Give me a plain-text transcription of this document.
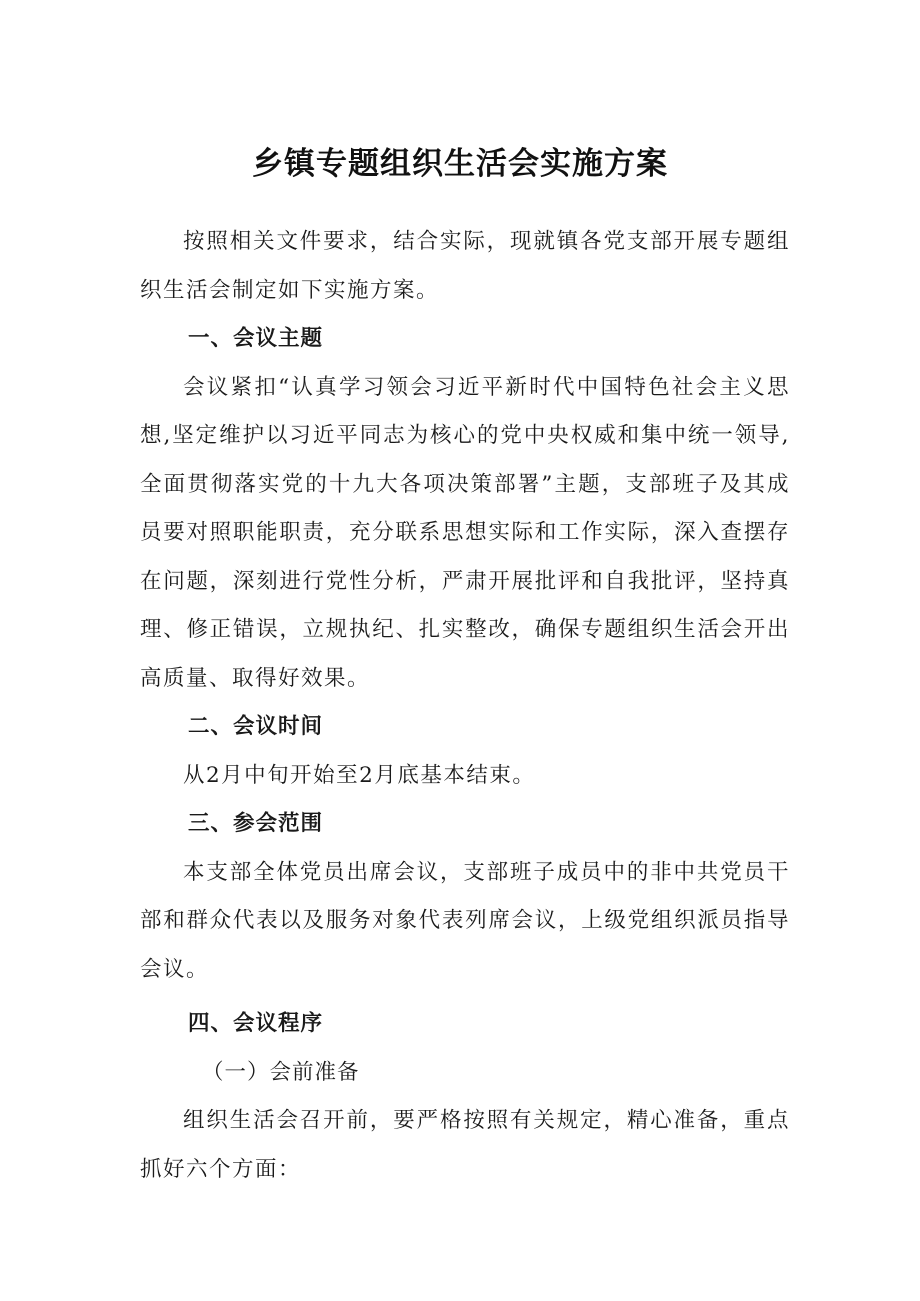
乡镇专题组织生活会实施方案

按照相关文件要求，结合实际，现就镇各党支部开展专题组织生活会制定如下实施方案。

一、会议主题

会议紧扣“认真学习领会习近平新时代中国特色社会主义思想,坚定维护以习近平同志为核心的党中央权威和集中统一领导,全面贯彻落实党的十九大各项决策部署”主题，支部班子及其成员要对照职能职责，充分联系思想实际和工作实际，深入查摆存在问题，深刻进行党性分析，严肃开展批评和自我批评，坚持真理、修正错误，立规执纪、扎实整改，确保专题组织生活会开出高质量、取得好效果。

二、会议时间

从2月中旬开始至2月底基本结束。

三、参会范围

本支部全体党员出席会议，支部班子成员中的非中共党员干部和群众代表以及服务对象代表列席会议，上级党组织派员指导会议。

四、会议程序

（一）会前准备

组织生活会召开前，要严格按照有关规定，精心准备，重点抓好六个方面：
